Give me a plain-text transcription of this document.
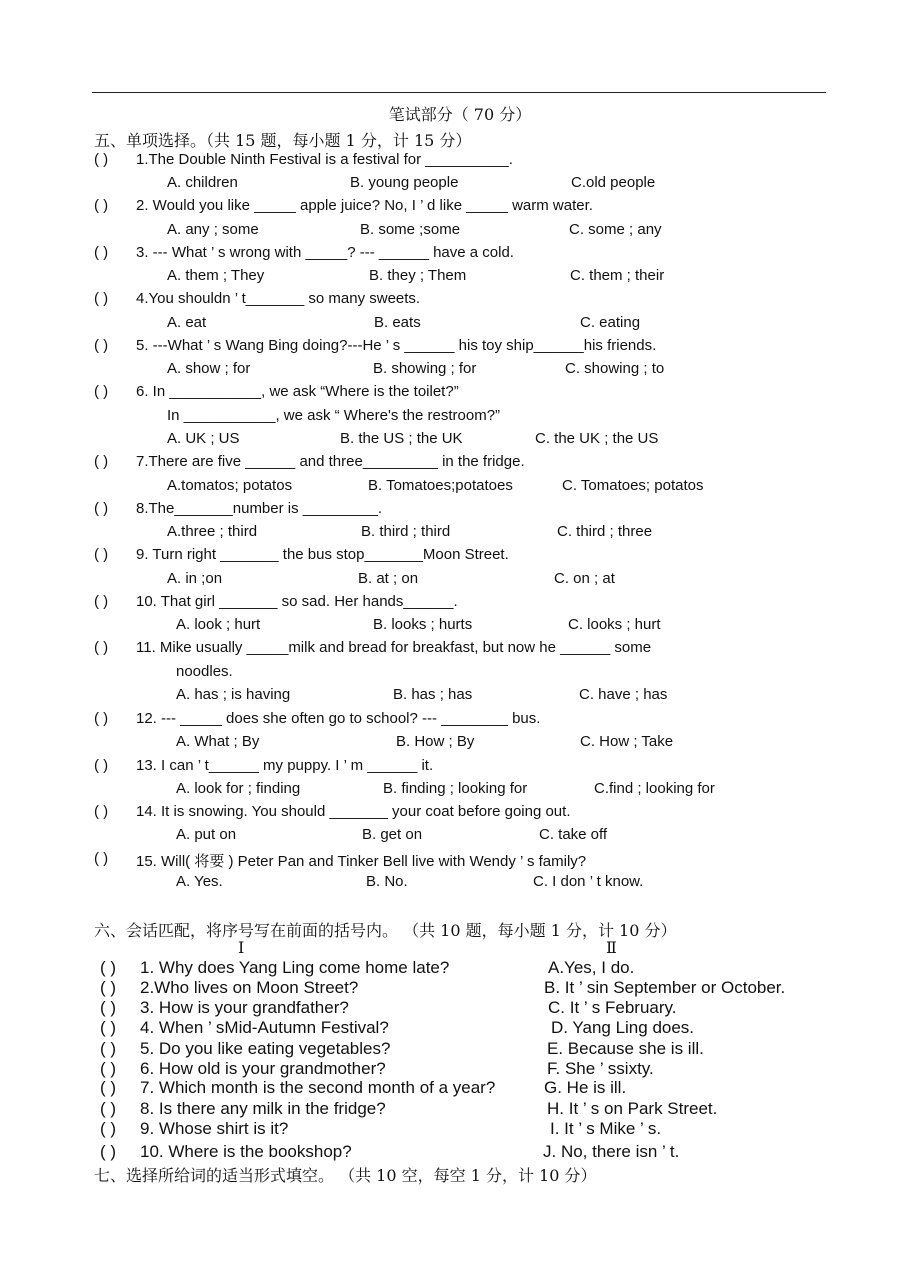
笔试部分（ 70 分）
五、单项选择。（共 15 题，每小题 1 分，计 15 分）
( ) 1.The Double Ninth Festival is a festival for __________.
A. children	B. young people	C.old people
( ) 2. Would you like _____ apple juice? No, I ’ d like _____ warm water.
A. any ; some	B. some ;some	C. some ; any
( ) 3. --- What ’ s wrong with _____? --- ______ have a cold.
A. them ; They	B. they ; Them	C. them ; their
( ) 4.You shouldn ’ t_______ so many sweets.
A. eat	B. eats	C. eating
( ) 5. ---What ’ s Wang Bing doing?---He ’ s ______ his toy ship______his friends.
A. show ; for	B. showing ; for	C. showing ; to
( ) 6. In ___________, we ask “Where is the toilet?”
In ___________, we ask “ Where's the restroom?”
A. UK ; US	B. the US ; the UK	C. the UK ; the US
( ) 7.There are five ______ and three_________ in the fridge.
A.tomatos; potatos	B. Tomatoes;potatoes	C. Tomatoes; potatos
( ) 8.The_______number is _________.
A.three ; third	B. third ; third	C. third ; three
( ) 9. Turn right _______ the bus stop_______Moon Street.
A. in ;on	B. at ; on	C. on ; at
( ) 10. That girl _______ so sad. Her hands______.
A. look ; hurt	B. looks ; hurts	C. looks ; hurt
( ) 11. Mike usually _____milk and bread for breakfast, but now he ______ some
noodles.
A. has ; is having	B. has ; has	C. have ; has
( ) 12. --- _____ does she often go to school? --- ________ bus.
A. What ; By	B. How ; By	C. How ; Take
( ) 13. I can ’ t______ my puppy. I ’ m ______ it.
A. look for ; finding	B. finding ; looking for	C.find ; looking for
( ) 14. It is snowing. You should _______ your coat before going out.
A. put on	B. get on	C. take off
( ) 15. Will( 将要 ) Peter Pan and Tinker Bell live with Wendy ’ s family?
A. Yes.	B. No.	C. I don ’ t know.
六、会话匹配，将序号写在前面的括号内。 （共 10 题，每小题 1 分，计 10 分）
Ⅰ	Ⅱ
( ) 1. Why does Yang Ling come home late?	A.Yes, I do.
( ) 2.Who lives on Moon Street?	B. It ’ sin September or October.
( ) 3. How is your grandfather?	C. It ’ s February.
( ) 4. When ’ sMid-Autumn Festival?	D. Yang Ling does.
( ) 5. Do you like eating vegetables?	E. Because she is ill.
( ) 6. How old is your grandmother?	F. She ’ ssixty.
( ) 7. Which month is the second month of a year?	G. He is ill.
( ) 8. Is there any milk in the fridge?	H. It ’ s on Park Street.
( ) 9. Whose shirt is it?	I. It ’ s Mike ’ s.
( ) 10. Where is the bookshop?	J. No, there isn ’ t.
七、选择所给词的适当形式填空。 （共 10 空，每空 1 分，计 10 分）
